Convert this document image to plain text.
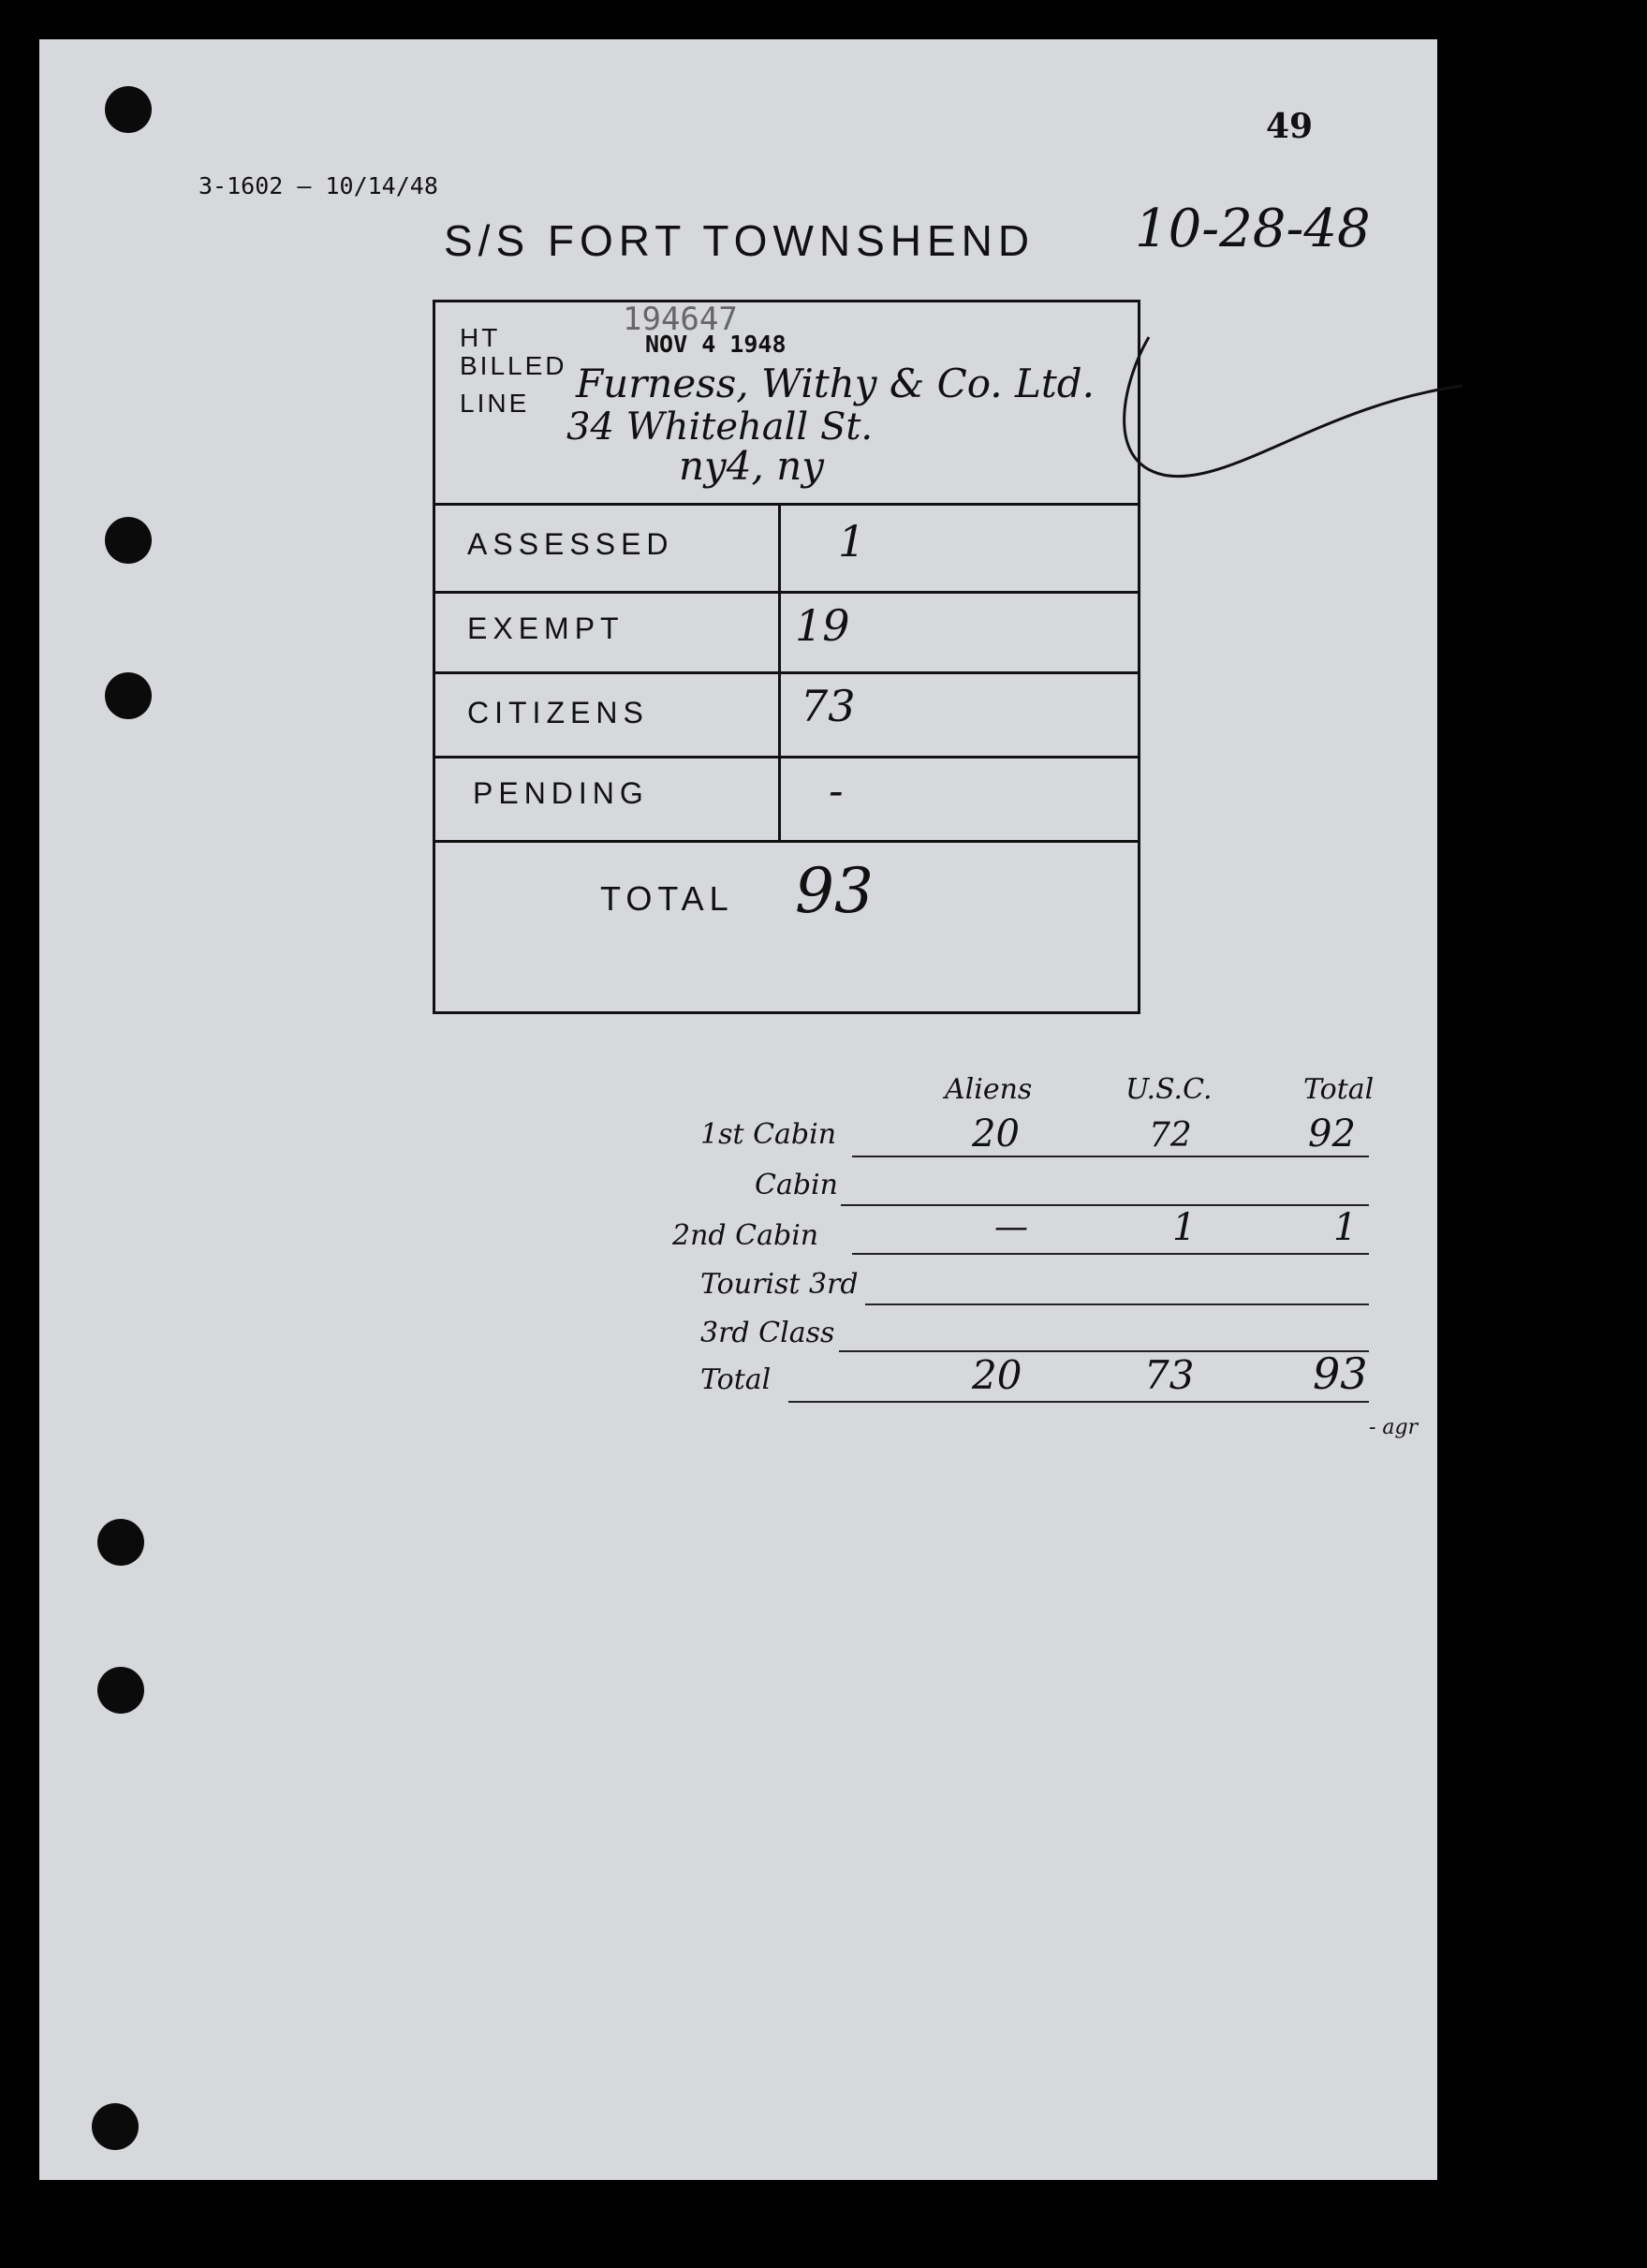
49
3-1602 — 10/14/48
S/S FORT TOWNSHEND 10-28-48
194647
NOV 4 1948
HT
BILLED
LINE Furness, Withy & Co. Ltd.
34 Whitehall St.
ny4, ny
ASSESSED	1
EXEMPT	19
CITIZENS	73
PENDING	-
TOTAL 93
Aliens	U.S.C.	Total
1st Cabin	20	72	92
Cabin
2nd Cabin	—	1	1
Tourist 3rd
3rd Class
Total	20	73	93
- agr
